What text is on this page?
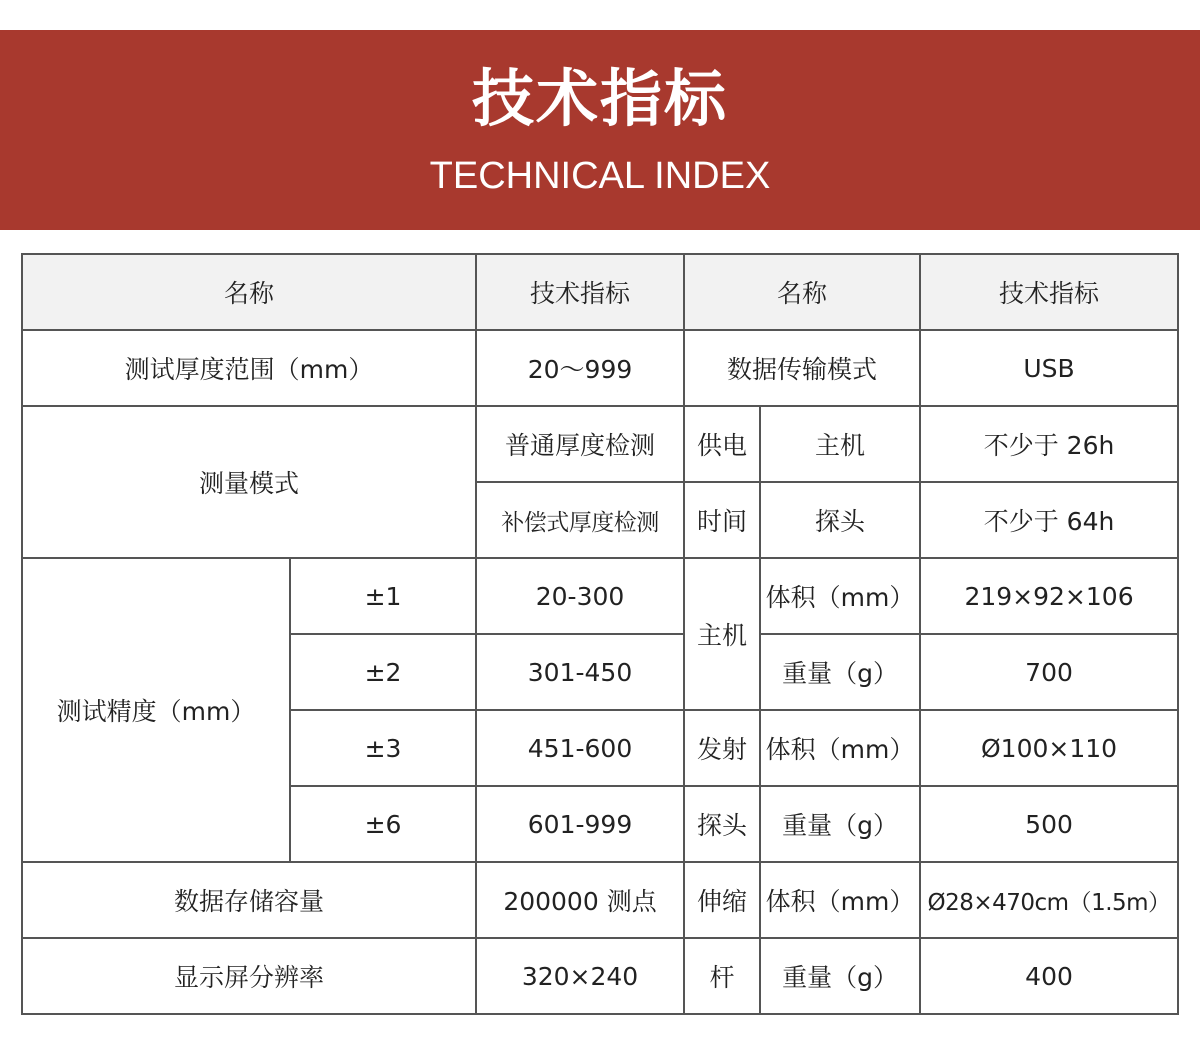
技术指标
TECHNICAL INDEX
名称		技术指标	名称		技术指标
测试厚度范围（mm）		20～999	数据传输模式		USB
测量模式		普通厚度检测	供电	主机	不少于 26h
		补偿式厚度检测	时间	探头	不少于 64h
测试精度（mm）	±1	20-300	主机	体积（mm）	219×92×106
	±2	301-450		重量（g）	700
	±3	451-600	发射	体积（mm）	Ø100×110
	±6	601-999	探头	重量（g）	500
数据存储容量		200000 测点	伸缩	体积（mm）	Ø28×470cm（1.5m）
显示屏分辨率		320×240	杆	重量（g）	400
